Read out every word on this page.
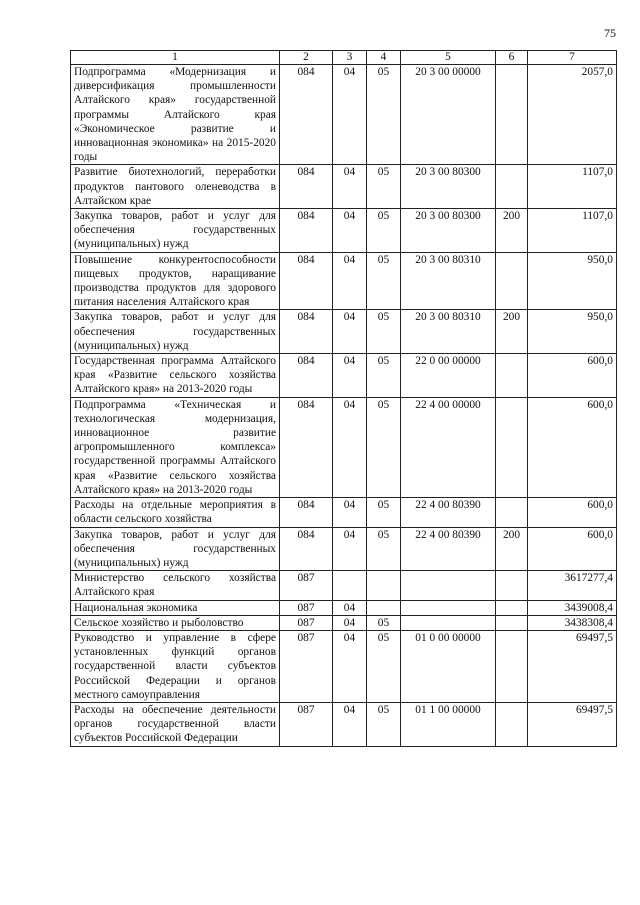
75
1	2	3	4	5	6	7
Подпрограмма «Модернизация и диверсификация промышленности Алтайского края» государственной программы Алтайского края «Экономическое развитие и инновационная экономика» на 2015-2020 годы	084	04	05	20 3 00 00000		2057,0
Развитие биотехнологий, переработки продуктов пантового оленеводства в Алтайском крае	084	04	05	20 3 00 80300		1107,0
Закупка товаров, работ и услуг для обеспечения государственных (муниципальных) нужд	084	04	05	20 3 00 80300	200	1107,0
Повышение конкурентоспособности пищевых продуктов, наращивание производства продуктов для здорового питания населения Алтайского края	084	04	05	20 3 00 80310		950,0
Закупка товаров, работ и услуг для обеспечения государственных (муниципальных) нужд	084	04	05	20 3 00 80310	200	950,0
Государственная программа Алтайского края «Развитие сельского хозяйства Алтайского края» на 2013-2020 годы	084	04	05	22 0 00 00000		600,0
Подпрограмма «Техническая и технологическая модернизация, инновационное развитие агропромышленного комплекса» государственной программы Алтайского края «Развитие сельского хозяйства Алтайского края» на 2013-2020 годы	084	04	05	22 4 00 00000		600,0
Расходы на отдельные мероприятия в области сельского хозяйства	084	04	05	22 4 00 80390		600,0
Закупка товаров, работ и услуг для обеспечения государственных (муниципальных) нужд	084	04	05	22 4 00 80390	200	600,0
Министерство сельского хозяйства Алтайского края	087					3617277,4
Национальная экономика	087	04				3439008,4
Сельское хозяйство и рыболовство	087	04	05			3438308,4
Руководство и управление в сфере установленных функций органов государственной власти субъектов Российской Федерации и органов местного самоуправления	087	04	05	01 0 00 00000		69497,5
Расходы на обеспечение деятельности органов государственной власти субъектов Российской Федерации	087	04	05	01 1 00 00000		69497,5
